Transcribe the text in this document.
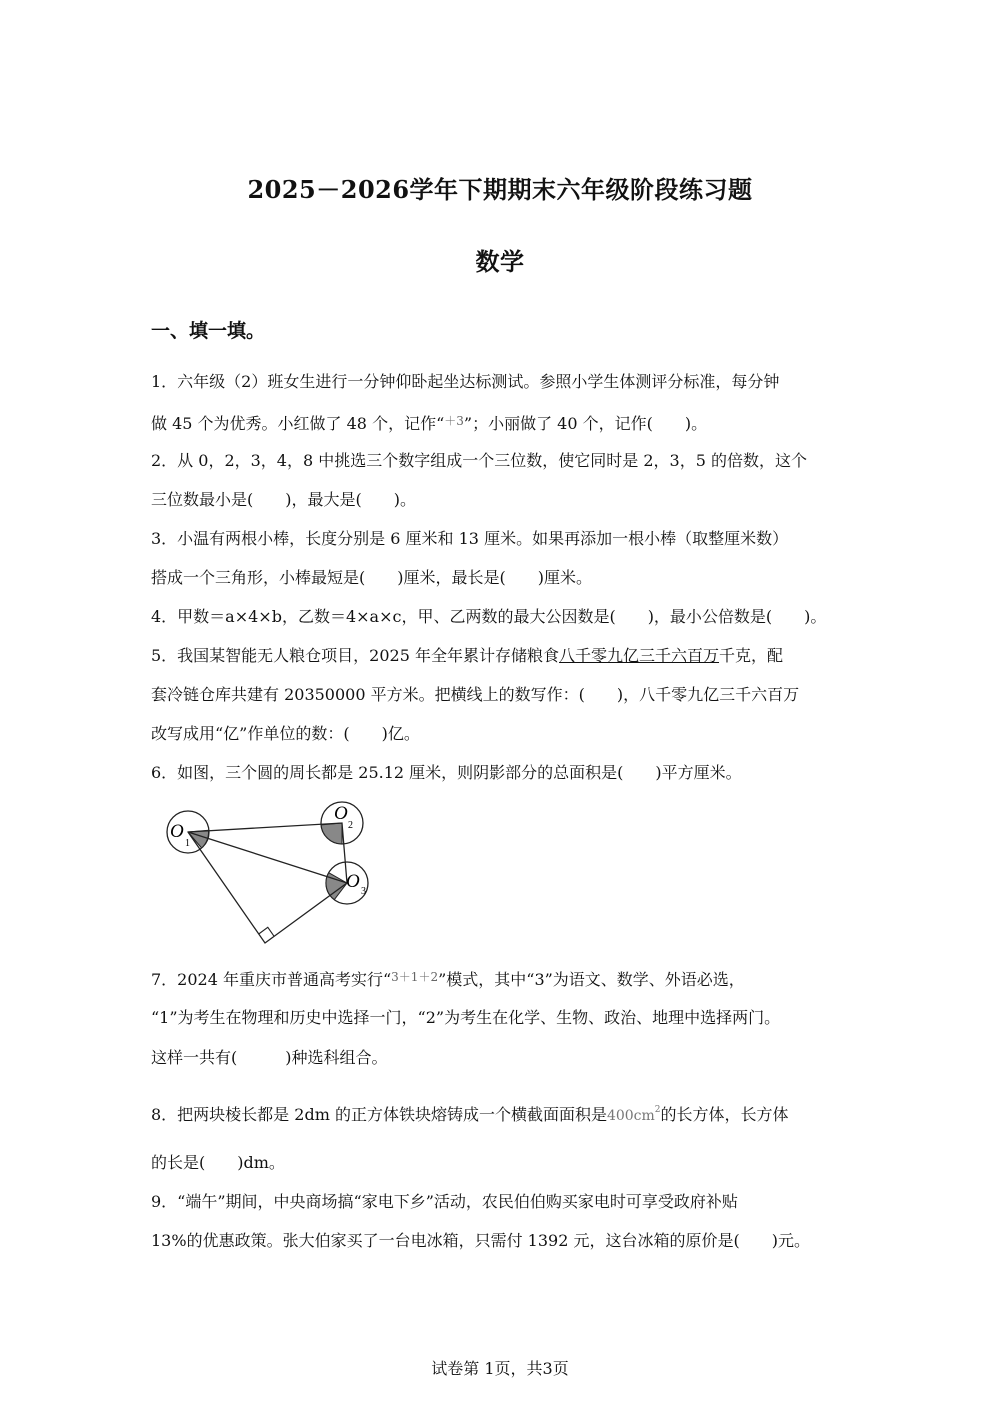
2025－2026学年下期期末六年级阶段练习题
数学
一、填一填。
1．六年级（2）班女生进行一分钟仰卧起坐达标测试。参照小学生体测评分标准，每分钟
做 45 个为优秀。小红做了 48 个，记作“$^{+3}$”；小丽做了 40 个，记作(　　)。
2．从 0，2，3，4，8 中挑选三个数字组成一个三位数，使它同时是 2，3，5 的倍数，这个
三位数最小是(　　)，最大是(　　)。
3．小温有两根小棒，长度分别是 6 厘米和 13 厘米。如果再添加一根小棒（取整厘米数）
搭成一个三角形，小棒最短是(　　)厘米，最长是(　　)厘米。
4．甲数＝a×4×b，乙数＝4×a×c，甲、乙两数的最大公因数是(　　)，最小公倍数是(　　)。
5．我国某智能无人粮仓项目，2025 年全年累计存储粮食八千零九亿三千六百万千克，配
套冷链仓库共建有 20350000 平方米。把横线上的数写作：(　　)，八千零九亿三千六百万
改写成用“亿”作单位的数：(　　)亿。
6．如图，三个圆的周长都是 25.12 厘米，则阴影部分的总面积是(　　)平方厘米。
O
1
O
2
O 3
7．2024 年重庆市普通高考实行“$^{3+1+2}$”模式，其中“3”为语文、数学、外语必选，
“1”为考生在物理和历史中选择一门，“2”为考生在化学、生物、政治、地理中选择两门。
这样一共有(　　　)种选科组合。
8．把两块棱长都是 2dm 的正方体铁块熔铸成一个横截面面积是$400cm^2$的长方体，长方体
的长是(　　)dm。
9．“端午”期间，中央商场搞“家电下乡”活动，农民伯伯购买家电时可享受政府补贴
13%的优惠政策。张大伯家买了一台电冰箱，只需付 1392 元，这台冰箱的原价是(　　)元。
试卷第 1页，共3页
